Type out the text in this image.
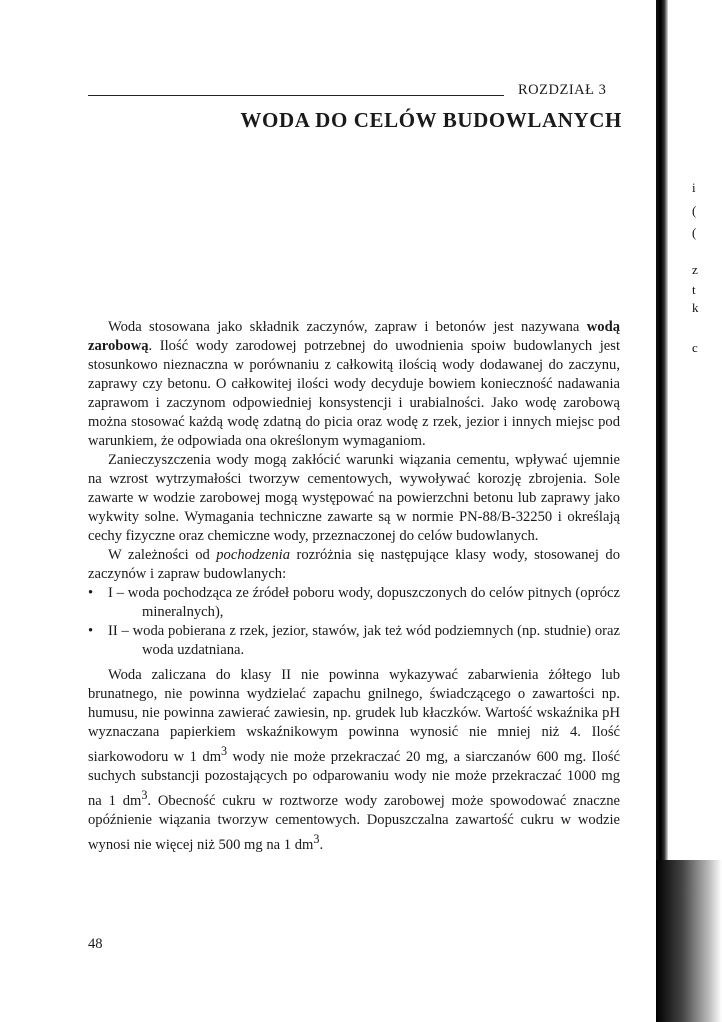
ROZDZIAŁ 3
WODA DO CELÓW BUDOWLANYCH

Woda stosowana jako składnik zaczynów, zapraw i betonów jest nazywana wodą zarobową. Ilość wody zarodowej potrzebnej do uwodnienia spoiw budowlanych jest stosunkowo nieznaczna w porównaniu z całkowitą ilością wody dodawanej do zaczynu, zaprawy czy betonu. O całkowitej ilości wody decyduje bowiem konieczność nadawania zaprawom i zaczynom odpowiedniej konsystencji i urabialności. Jako wodę zarobową można stosować każdą wodę zdatną do picia oraz wodę z rzek, jezior i innych miejsc pod warunkiem, że odpowiada ona określonym wymaganiom.

Zanieczyszczenia wody mogą zakłócić warunki wiązania cementu, wpływać ujemnie na wzrost wytrzymałości tworzyw cementowych, wywoływać korozję zbrojenia. Sole zawarte w wodzie zarobowej mogą występować na powierzchni betonu lub zaprawy jako wykwity solne. Wymagania techniczne zawarte są w normie PN-88/B-32250 i określają cechy fizyczne oraz chemiczne wody, przeznaczonej do celów budowlanych.

W zależności od pochodzenia rozróżnia się następujące klasy wody, stosowanej do zaczynów i zapraw budowlanych:

• I – woda pochodząca ze źródeł poboru wody, dopuszczonych do celów pitnych (oprócz mineralnych),
• II – woda pobierana z rzek, jezior, stawów, jak też wód podziemnych (np. studnie) oraz woda uzdatniana.

Woda zaliczana do klasy II nie powinna wykazywać zabarwienia żółtego lub brunatnego, nie powinna wydzielać zapachu gnilnego, świadczącego o zawartości np. humusu, nie powinna zawierać zawiesin, np. grudek lub kłaczków. Wartość wskaźnika pH wyznaczana papierkiem wskaźnikowym powinna wynosić nie mniej niż 4. Ilość siarkowodoru w 1 $dm^3$ wody nie może przekraczać 20 mg, a siarczanów 600 mg. Ilość suchych substancji pozostających po odparowaniu wody nie może przekraczać 1000 mg na 1 $dm^3$. Obecność cukru w roztworze wody zarobowej może spowodować znaczne opóźnienie wiązania tworzyw cementowych. Dopuszczalna zawartość cukru w wodzie wynosi nie więcej niż 500 mg na 1 $dm^3$.

48
i
(
(
z
t
k
c
